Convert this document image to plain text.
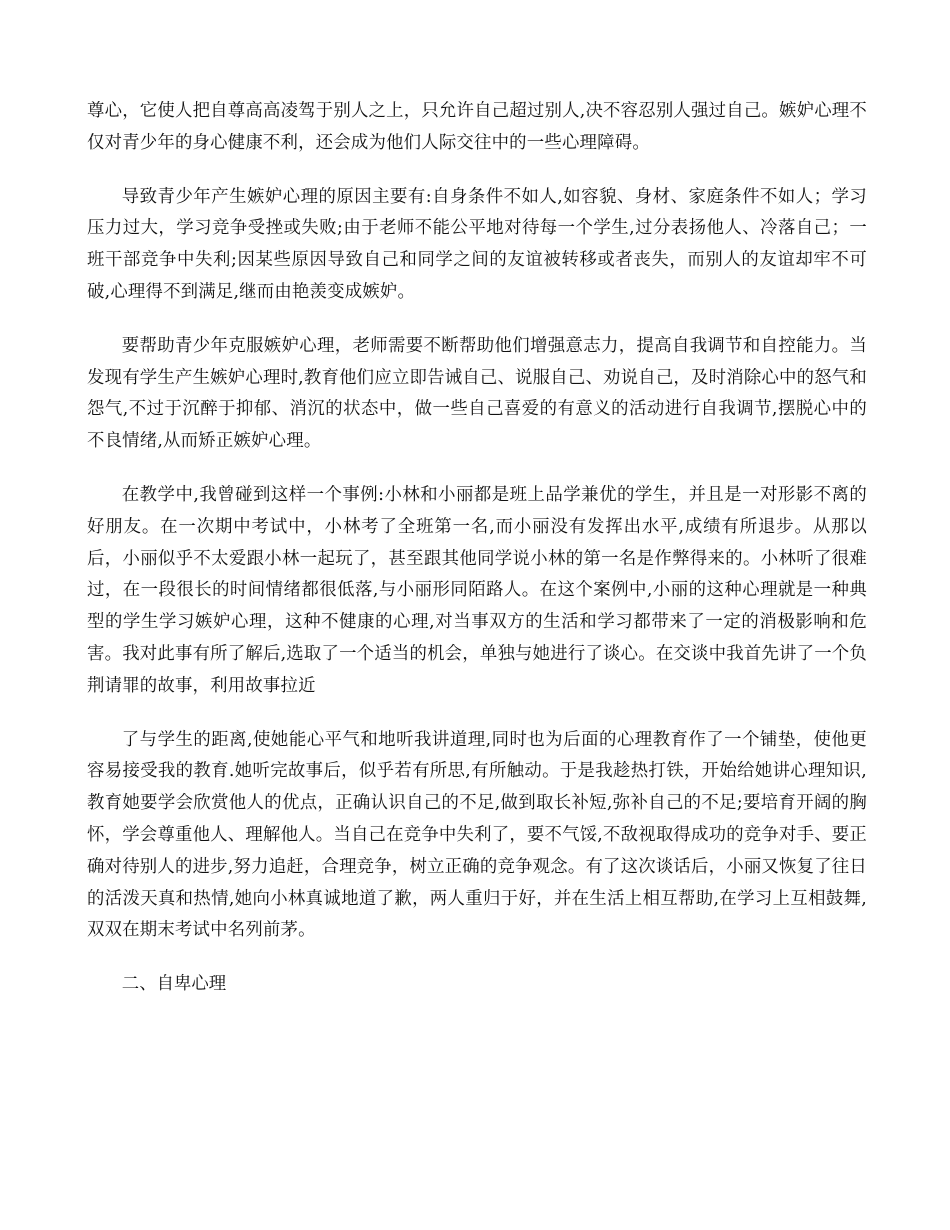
尊心，它使人把自尊高高凌驾于别人之上，只允许自己超过别人,决不容忍别人强过自己。嫉妒心理不仅对青少年的身心健康不利，还会成为他们人际交往中的一些心理障碍。

导致青少年产生嫉妒心理的原因主要有:自身条件不如人,如容貌、身材、家庭条件不如人；学习压力过大，学习竞争受挫或失败;由于老师不能公平地对待每一个学生,过分表扬他人、冷落自己；一班干部竞争中失利;因某些原因导致自己和同学之间的友谊被转移或者丧失，而别人的友谊却牢不可破,心理得不到满足,继而由艳羡变成嫉妒。

要帮助青少年克服嫉妒心理，老师需要不断帮助他们增强意志力，提高自我调节和自控能力。当发现有学生产生嫉妒心理时,教育他们应立即告诫自己、说服自己、劝说自己，及时消除心中的怒气和怨气,不过于沉醉于抑郁、消沉的状态中，做一些自己喜爱的有意义的活动进行自我调节,摆脱心中的不良情绪,从而矫正嫉妒心理。

在教学中,我曾碰到这样一个事例:小林和小丽都是班上品学兼优的学生，并且是一对形影不离的好朋友。在一次期中考试中，小林考了全班第一名,而小丽没有发挥出水平,成绩有所退步。从那以后，小丽似乎不太爱跟小林一起玩了，甚至跟其他同学说小林的第一名是作弊得来的。小林听了很难过，在一段很长的时间情绪都很低落,与小丽形同陌路人。在这个案例中,小丽的这种心理就是一种典型的学生学习嫉妒心理，这种不健康的心理,对当事双方的生活和学习都带来了一定的消极影响和危害。我对此事有所了解后,选取了一个适当的机会，单独与她进行了谈心。在交谈中我首先讲了一个负荆请罪的故事，利用故事拉近

了与学生的距离,使她能心平气和地听我讲道理,同时也为后面的心理教育作了一个铺垫，使他更容易接受我的教育.她听完故事后，似乎若有所思,有所触动。于是我趁热打铁，开始给她讲心理知识,教育她要学会欣赏他人的优点，正确认识自己的不足,做到取长补短,弥补自己的不足;要培育开阔的胸怀，学会尊重他人、理解他人。当自己在竞争中失利了，要不气馁,不敌视取得成功的竞争对手、要正确对待别人的进步,努力追赶，合理竞争，树立正确的竞争观念。有了这次谈话后，小丽又恢复了往日的活泼天真和热情,她向小林真诚地道了歉，两人重归于好，并在生活上相互帮助,在学习上互相鼓舞,双双在期末考试中名列前茅。

二、自卑心理
